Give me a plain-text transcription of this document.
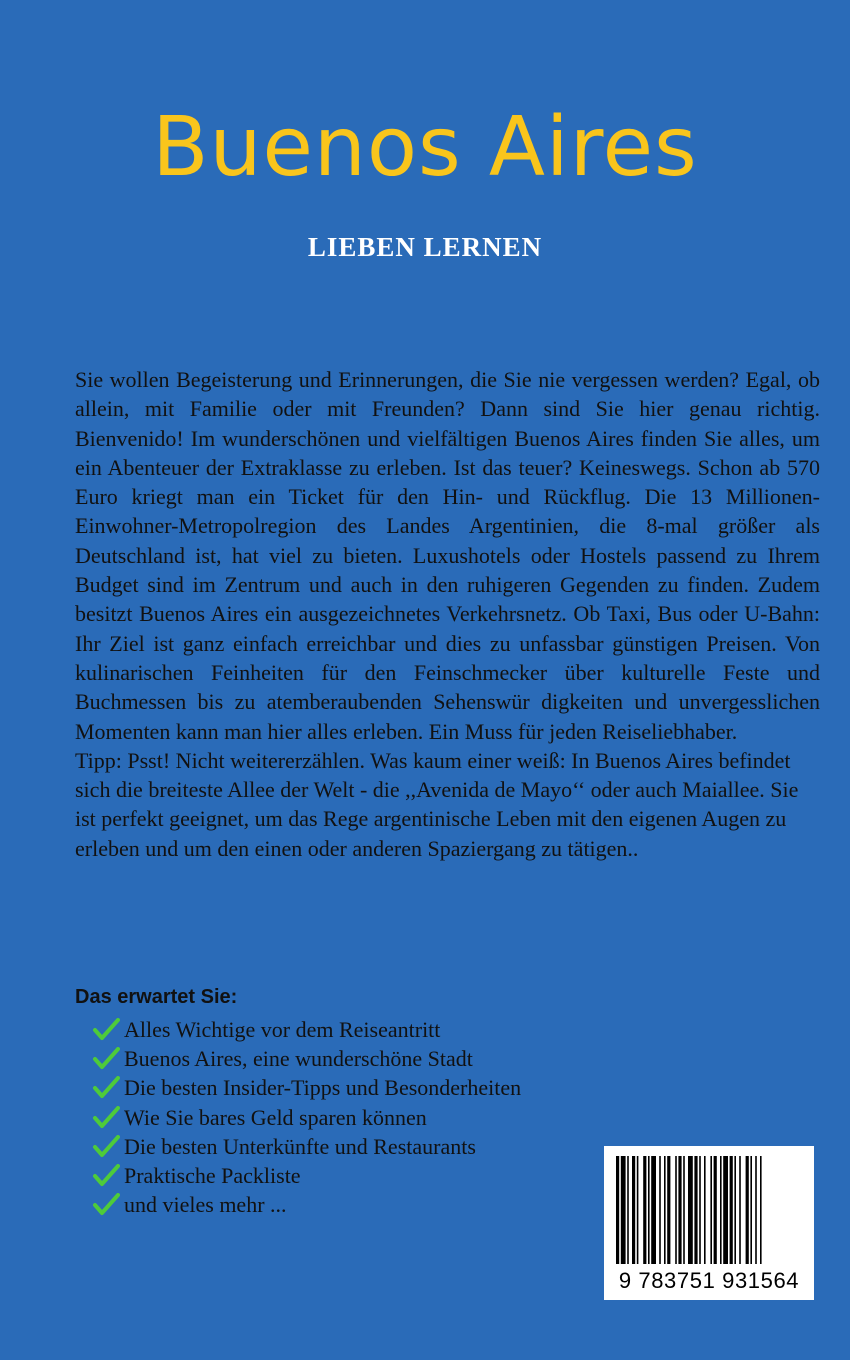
Buenos Aires
LIEBEN LERNEN
Sie wollen Begeisterung und Erinnerungen, die Sie nie vergessen werden? Egal, ob allein, mit Familie oder mit Freunden? Dann sind Sie hier genau richtig. Bienvenido! Im wunderschönen und vielfältigen Buenos Aires finden Sie alles, um ein Abenteuer der Extraklasse zu erleben. Ist das teuer? Keineswegs. Schon ab 570 Euro kriegt man ein Ticket für den Hin- und Rückflug. Die 13 Millionen-Einwohner-Metropolregion des Landes Argentinien, die 8-mal größer als Deutschland ist, hat viel zu bieten. Luxushotels oder Hostels passend zu Ihrem Budget sind im Zentrum und auch in den ruhigeren Gegenden zu finden. Zudem besitzt Buenos Aires ein ausgezeichnetes Verkehrsnetz. Ob Taxi, Bus oder U-Bahn: Ihr Ziel ist ganz einfach erreichbar und dies zu unfassbar günstigen Preisen. Von kulinarischen Feinheiten für den Feinschmecker über kulturelle Feste und Buchmessen bis zu atemberaubenden Sehenswür digkeiten und unvergesslichen Momenten kann man hier alles erleben. Ein Muss für jeden Reiseliebhaber.
Tipp: Psst! Nicht weitererzählen. Was kaum einer weiß: In Buenos Aires befindet sich die breiteste Allee der Welt - die ,,Avenida de Mayo‘‘ oder auch Maiallee. Sie ist perfekt geeignet, um das Rege argentinische Leben mit den eigenen Augen zu erleben und um den einen oder anderen Spaziergang zu tätigen..
Das erwartet Sie:
Alles Wichtige vor dem Reiseantritt
Buenos Aires, eine wunderschöne Stadt
Die besten Insider-Tipps und Besonderheiten
Wie Sie bares Geld sparen können
Die besten Unterkünfte und Restaurants
Praktische Packliste
und vieles mehr ...
9 783751 931564
